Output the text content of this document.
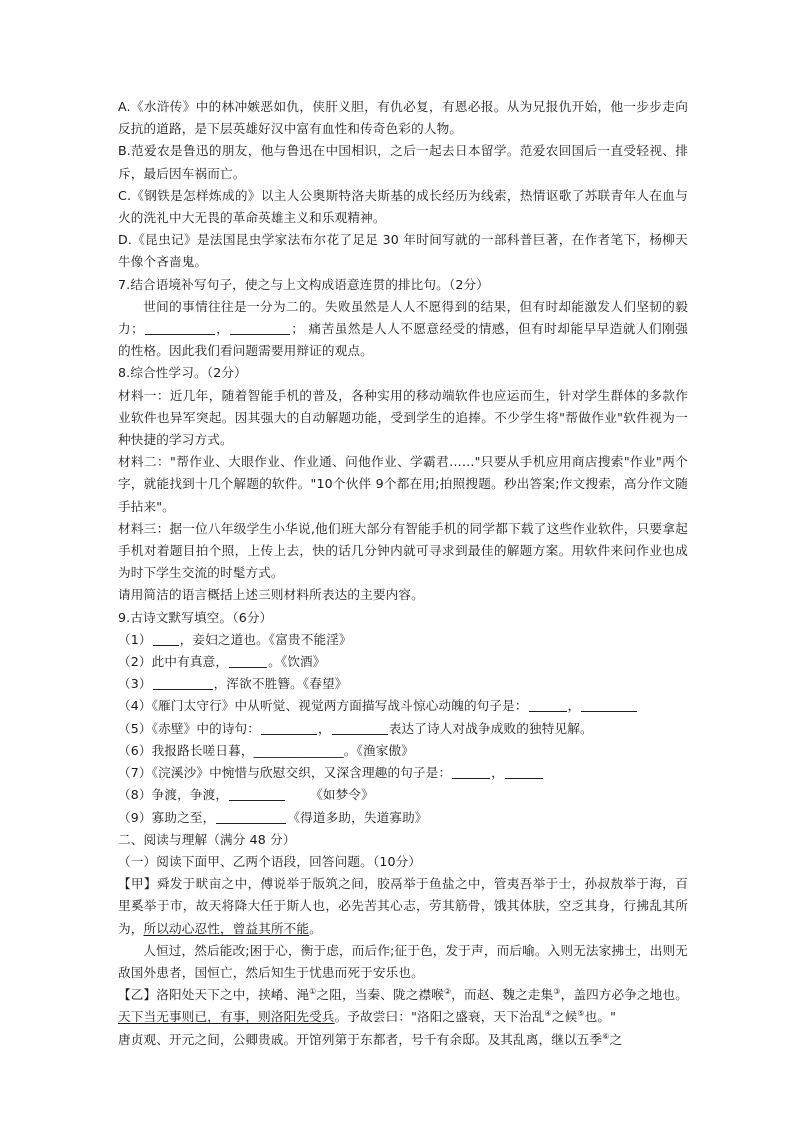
A.《水浒传》中的林冲嫉恶如仇，侠肝义胆，有仇必复，有恩必报。从为兄报仇开始，他一步步走向反抗的道路，是下层英雄好汉中富有血性和传奇色彩的人物。

B.范爱农是鲁迅的朋友，他与鲁迅在中国相识，之后一起去日本留学。范爱农回国后一直受轻视、排斥，最后因车祸而亡。

C.《钢铁是怎样炼成的》以主人公奥斯特洛夫斯基的成长经历为线索，热情讴歌了苏联青年人在血与火的洗礼中大无畏的革命英雄主义和乐观精神。

D.《昆虫记》是法国昆虫学家法布尔花了足足 30 年时间写就的一部科普巨著，在作者笔下，杨柳天牛像个吝啬鬼。

7.结合语境补写句子，使之与上文构成语意连贯的排比句。（2分）

世间的事情往往是一分为二的。失败虽然是人人不愿得到的结果，但有时却能激发人们坚韧的毅力；	，	； 痛苦虽然是人人不愿意经受的情感，但有时却能早早造就人们刚强的性格。因此我们看问题需要用辩证的观点。

8.综合性学习。（2分）

材料一：近几年，随着智能手机的普及，各种实用的移动端软件也应运而生，针对学生群体的多款作业软件也异军突起。因其强大的自动解题功能，受到学生的追捧。不少学生将"帮做作业"软件视为一种快捷的学习方式。

材料二："帮作业、大眼作业、作业通、问他作业、学霸君……"只要从手机应用商店搜索"作业"两个字，就能找到十几个解题的软件。"10个伙伴 9个都在用;拍照搜题。秒出答案;作文搜索，高分作文随手拈来"。

材料三：据一位八年级学生小华说,他们班大部分有智能手机的同学都下载了这些作业软件，只要拿起手机对着题目拍个照，上传上去，快的话几分钟内就可寻求到最佳的解题方案。用软件来问作业也成为时下学生交流的时髦方式。

请用简洁的语言概括上述三则材料所表达的主要内容。

9.古诗文默写填空。（6分）

（1） ，妾妇之道也。《富贵不能淫》

（2）此中有真意，	。《饮酒》

（3）	，浑欲不胜簪。《春望》

（4）《雁门太守行》中从听觉、视觉两方面描写战斗惊心动魄的句子是：	，

（5）《赤壁》中的诗句：	，	表达了诗人对战争成败的独特见解。

（6）我报路长嗟日暮，______________。《渔家傲》

（7）《浣溪沙》中惋惜与欣慰交织，又深含理趣的句子是：	，

（8）争渡，争渡，	《如梦令》

（9）寡助之至，	《得道多助，失道寡助》

二、阅读与理解（满分 48 分）

（一）阅读下面甲、乙两个语段，回答问题。（10分）

【甲】舜发于畎亩之中，傅说举于版筑之间，胶鬲举于鱼盐之中，管夷吾举于士，孙叔敖举于海，百里奚举于市，故天将降大任于斯人也，必先苦其心志，劳其筋骨，饿其体肤，空乏其身，行拂乱其所为，所以动心忍性，曾益其所不能。

人恒过，然后能改;困于心，衡于虑，而后作;征于色，发于声，而后喻。入则无法家拂士，出则无敌国外患者，国恒亡，然后知生于忧患而死于安乐也。

【乙】洛阳处天下之中，挟崤、渑①之阻，当秦、陇之襟喉②，而赵、魏之走集③，盖四方必争之地也。天下当无事则已，有事，则洛阳先受兵。予故尝曰："洛阳之盛衰，天下治乱④之候⑤也。"

唐贞观、开元之间，公卿贵戚。开馆列第于东都者，号千有余邸。及其乱离，继以五季⑥之
